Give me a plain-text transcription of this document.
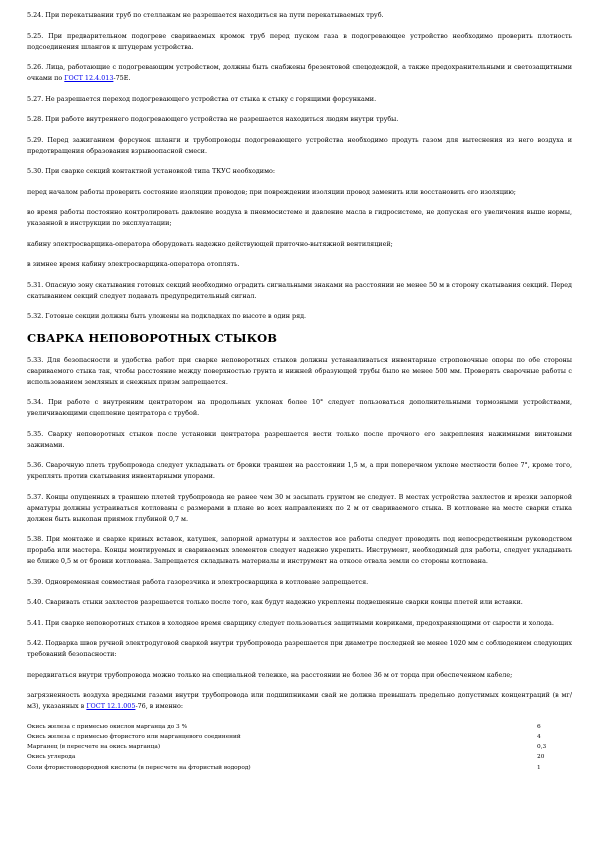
5.24. При перекатывании труб по стеллажам не разрешается находиться на пути перекатываемых труб.
5.25. При предварительном подогреве свариваемых кромок труб перед пуском газа в подогревающее устройство необходимо проверить плотность подсоединения шлангов к штуцерам устройства.
5.26. Лица, работающие с подогревающим устройством, должны быть снабжены брезентовой спецодеждой, а также предохранительными и светозащитными очками по ГОСТ 12.4.013-75Е.
5.27. Не разрешается переход подогревающего устройства от стыка к стыку с горящими форсунками.
5.28. При работе внутреннего подогревающего устройства не разрешается находиться людям внутри трубы.
5.29. Перед зажиганием форсунок шланги и трубопроводы подогревающего устройства необходимо продуть газом для вытеснения из него воздуха и предотвращения образования взрывоопасной смеси.
5.30. При сварке секций контактной установкой типа ТКУС необходимо:
перед началом работы проверить состояние изоляции проводов; при повреждении изоляции провод заменить или восстановить его изоляцию;
во время работы постоянно контролировать давление воздуха в пневмосистеме и давление масла в гидросистеме, не допуская его увеличения выше нормы, указанной в инструкции по эксплуатации;
кабину электросварщика-оператора оборудовать надежно действующей приточно-вытяжной вентиляцией;
в зимнее время кабину электросварщика-оператора отоплять.
5.31. Опасную зону скатывания готовых секций необходимо оградить сигнальными знаками на расстоянии не менее 50 м в сторону скатывания секций. Перед скатыванием секций следует подавать предупредительный сигнал.
5.32. Готовые секции должны быть уложены на подкладках по высоте в один ряд.
СВАРКА НЕПОВОРОТНЫХ СТЫКОВ
5.33. Для безопасности и удобства работ при сварке неповоротных стыков должны устанавливаться инвентарные строповочные опоры по обе стороны свариваемого стыка так, чтобы расстояние между поверхностью грунта и нижней образующей трубы было не менее 500 мм. Проверять сварочные работы с использованием земляных и снежных призм запрещается.
5.34. При работе с внутренним центратором на продольных уклонах более 10° следует пользоваться дополнительными тормозными устройствами, увеличивающими сцепление центратора с трубой.
5.35. Сварку неповоротных стыков после установки центратора разрешается вести только после прочного его закрепления нажимными винтовыми зажимами.
5.36. Сварочную плеть трубопровода следует укладывать от бровки траншеи на расстоянии 1,5 м, а при поперечном уклоне местности более 7°, кроме того, укреплять против скатывания инвентарными упорами.
5.37. Концы опущенных в траншею плетей трубопровода не ранее чем 30 м засыпать грунтом не следует. В местах устройства захлестов и врезки запорной арматуры должны устраиваться котлованы с размерами в плане во всех направлениях по 2 м от свариваемого стыка. В котловане на месте сварки стыка должен быть выкопан приямок глубиной 0,7 м.
5.38. При монтаже и сварке кривых вставок, катушек, запорной арматуры и захлестов все работы следует проводить под непосредственным руководством прораба или мастера. Концы монтируемых и свариваемых элементов следует надежно укрепить. Инструмент, необходимый для работы, следует укладывать не ближе 0,5 м от бровки котлована. Запрещается складывать материалы и инструмент на откосе отвала земли со стороны котлована.
5.39. Одновременная совместная работа газорезчика и электросварщика в котловане запрещается.
5.40. Сваривать стыки захлестов разрешается только после того, как будут надежно укреплены подвешенные сварки концы плетей или вставки.
5.41. При сварке неповоротных стыков в холодное время сварщику следует пользоваться защитными ковриками, предохраняющими от сырости и холода.
5.42. Подварка швов ручной электродуговой сваркой внутри трубопровода разрешается при диаметре последней не менее 1020 мм с соблюдением следующих требований безопасности:
передвигаться внутри трубопровода можно только на специальной тележке, на расстоянии не более 36 м от торца при обеспеченном кабеле;
загрязненность воздуха вредными газами внутри трубопровода или подшипниками свай не должна превышать предельно допустимых концентраций (в мг/м3), указанных в ГОСТ 12.1.005-76, в именно:
Окись железа с примесью окислов марганца до 3 %	6
Окись железа с примесью фтористого или марганцевого соединений	4
Марганец (в пересчете на окись марганца)	0,3
Окись углерода	20
Соли фтористоводородной кислоты (в пересчете на фтористый водород)	1
